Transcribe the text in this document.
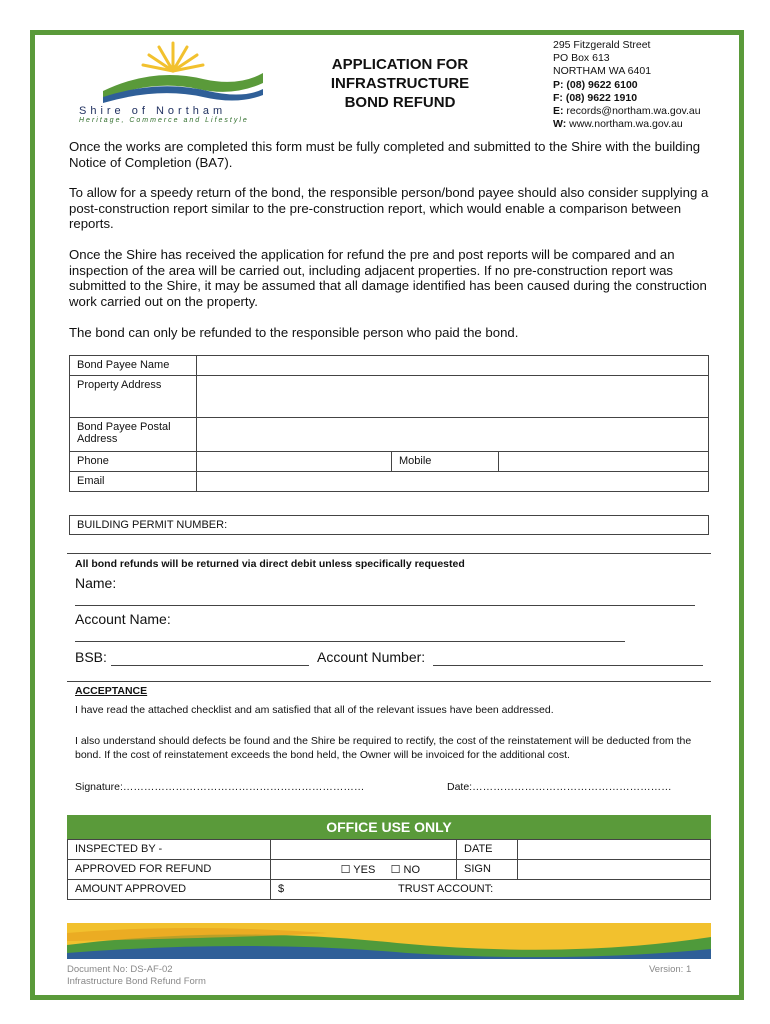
Shire of Northam
Heritage, Commerce and Lifestyle
APPLICATION FOR
INFRASTRUCTURE
BOND REFUND
295 Fitzgerald Street
PO Box 613
NORTHAM WA 6401
P: (08) 9622 6100
F: (08) 9622 1910
E: records@northam.wa.gov.au
W: www.northam.wa.gov.au
Once the works are completed this form must be fully completed and submitted to the Shire with the building Notice of Completion (BA7).
To allow for a speedy return of the bond, the responsible person/bond payee should also consider supplying a post-construction report similar to the pre-construction report, which would enable a comparison between reports.
Once the Shire has received the application for refund the pre and post reports will be compared and an inspection of the area will be carried out, including adjacent properties. If no pre-construction report was submitted to the Shire, it may be assumed that all damage identified has been caused during the construction work carried out on the property.
The bond can only be refunded to the responsible person who paid the bond.
Bond Payee Name			
Property Address			
Bond Payee Postal Address			
Phone		Mobile	
Email			
BUILDING PERMIT NUMBER:
All bond refunds will be returned via direct debit unless specifically requested
Name:
Account Name:
BSB:	Account Number:
ACCEPTANCE
I have read the attached checklist and am satisfied that all of the relevant issues have been addressed.
I also understand should defects be found and the Shire be required to rectify, the cost of the reinstatement will be deducted from the bond. If the cost of reinstatement exceeds the bond held, the Owner will be invoiced for the additional cost.
Signature:……………………………………………………………	Date:…………………………………………………
OFFICE USE ONLY
INSPECTED BY -			DATE	
APPROVED FOR REFUND	☐ YES ☐ NO		SIGN	
AMOUNT APPROVED	$	TRUST ACCOUNT:		
Document No: DS-AF-02
Infrastructure Bond Refund Form
Version: 1
